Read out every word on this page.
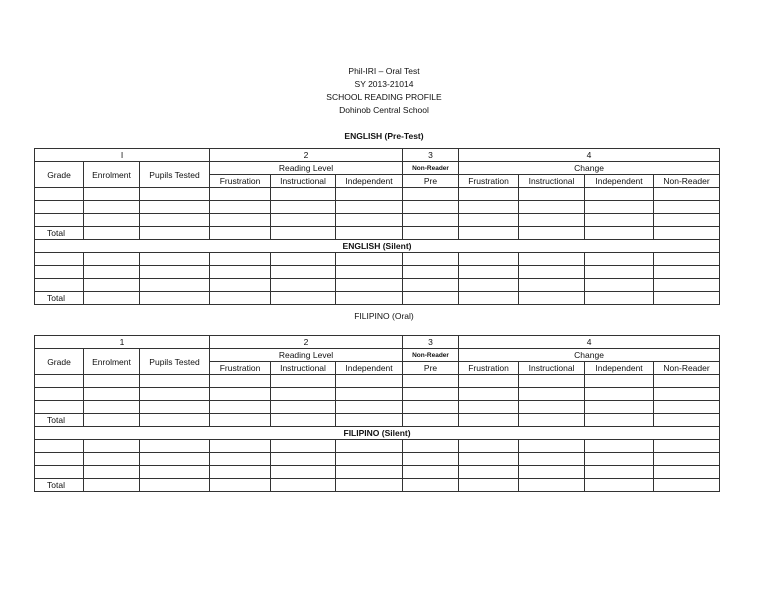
Phil-IRI – Oral Test
SY 2013-21014
SCHOOL READING PROFILE
Dohinob Central School
ENGLISH (Pre-Test)
I			2			3	4			
Grade	Enrolment	Pupils Tested	Reading Level			Non-Reader	Change			
			Frustration	Instructional	Independent	Pre	Frustration	Instructional	Independent	Non-Reader

Total										
ENGLISH (Silent)										

Total										
FILIPINO (Oral)
1			2			3	4			
Grade	Enrolment	Pupils Tested	Reading Level			Non-Reader	Change			
			Frustration	Instructional	Independent	Pre	Frustration	Instructional	Independent	Non-Reader

Total										
FILIPINO (Silent)										

Total										
